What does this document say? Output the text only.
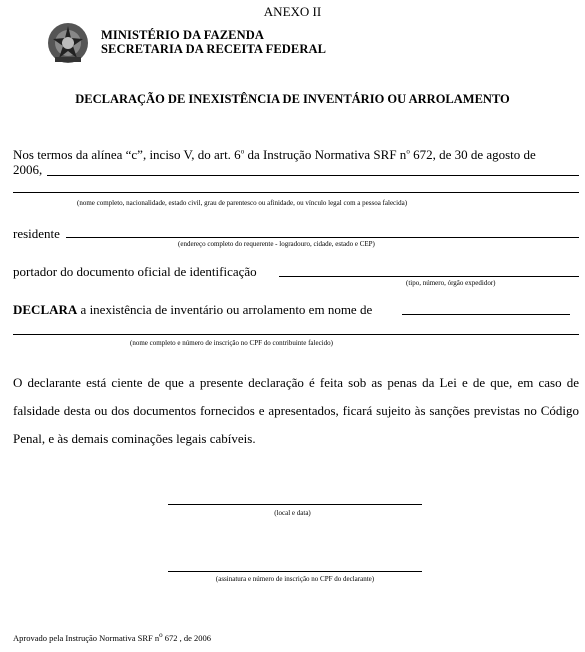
ANEXO II
MINISTÉRIO DA FAZENDA
SECRETARIA DA RECEITA FEDERAL
DECLARAÇÃO DE INEXISTÊNCIA DE INVENTÁRIO OU ARROLAMENTO
Nos termos da alínea “c”, inciso V, do art. 6$^o$ da Instrução Normativa SRF $n^o$ 672, de 30 de agosto de
2006,
(nome completo, nacionalidade, estado civil, grau de parentesco ou afinidade, ou vínculo legal com a pessoa falecida)
residente
(endereço completo do requerente - logradouro, cidade, estado e CEP)
portador do documento oficial de identificação
(tipo, número, órgão expedidor)
DECLARA a inexistência de inventário ou arrolamento em nome de
(nome completo e número de inscrição no CPF do contribuinte falecido)
O declarante está ciente de que a presente declaração é feita sob as penas da Lei e de que, em caso de falsidade desta ou dos documentos fornecidos e apresentados, ficará sujeito às sanções previstas no Código Penal, e às demais cominações legais cabíveis.
(local e data)
(assinatura e número de inscrição no CPF do declarante)
Aprovado pela Instrução Normativa SRF $n^o$ 672 , de 2006
